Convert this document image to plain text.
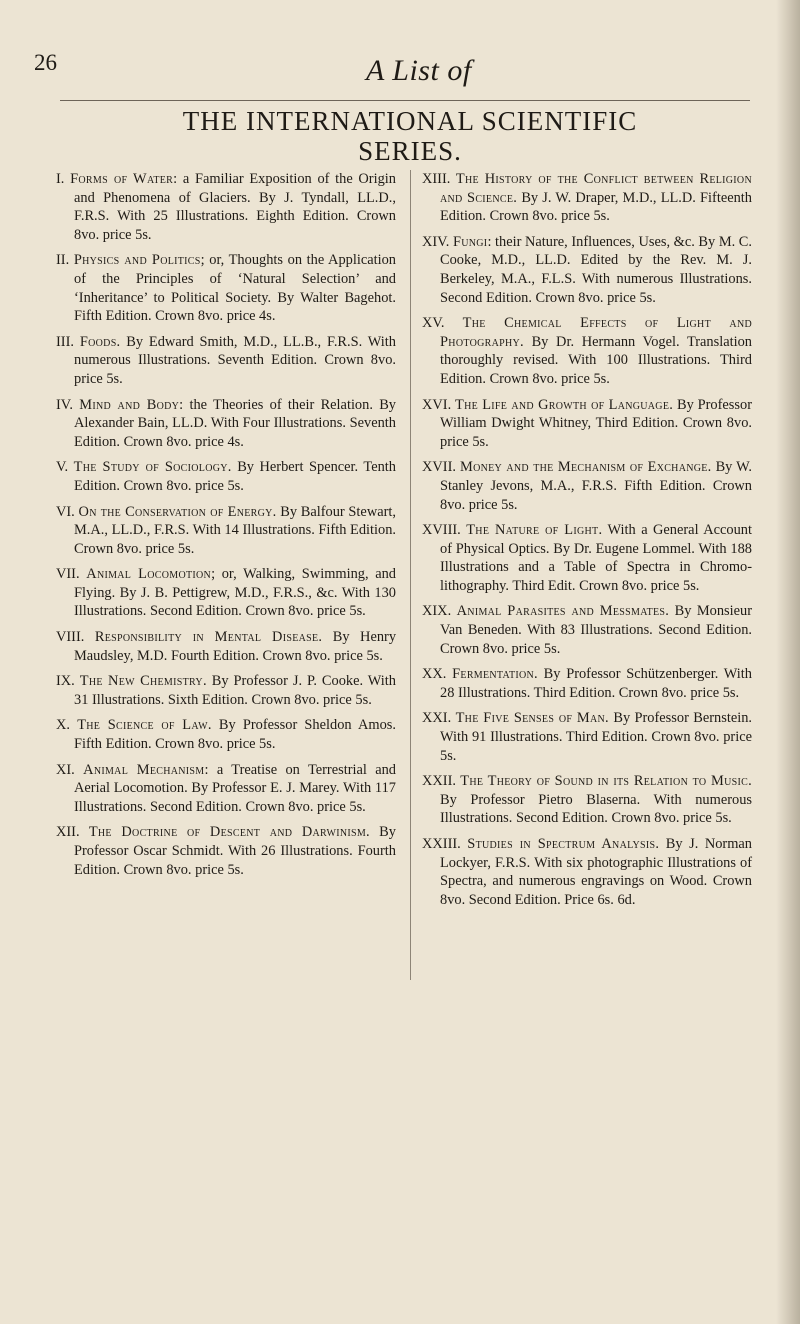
26	A List of
THE INTERNATIONAL SCIENTIFIC
SERIES.

I. Forms of Water: a Familiar Exposition of the Origin and Phenomena of Glaciers. By J. Tyndall, LL.D., F.R.S. With 25 Illustrations. Eighth Edition. Crown 8vo. price 5s.

II. Physics and Politics; or, Thoughts on the Application of the Principles of ‘Natural Selection’ and ‘Inheritance’ to Political Society. By Walter Bagehot. Fifth Edition. Crown 8vo. price 4s.

III. Foods. By Edward Smith, M.D., LL.B., F.R.S. With numerous Illustrations. Seventh Edition. Crown 8vo. price 5s.

IV. Mind and Body: the Theories of their Relation. By Alexander Bain, LL.D. With Four Illustrations. Seventh Edition. Crown 8vo. price 4s.

V. The Study of Sociology. By Herbert Spencer. Tenth Edition. Crown 8vo. price 5s.

VI. On the Conservation of Energy. By Balfour Stewart, M.A., LL.D., F.R.S. With 14 Illustrations. Fifth Edition. Crown 8vo. price 5s.

VII. Animal Locomotion; or, Walking, Swimming, and Flying. By J. B. Pettigrew, M.D., F.R.S., &c. With 130 Illustrations. Second Edition. Crown 8vo. price 5s.

VIII. Responsibility in Mental Disease. By Henry Maudsley, M.D. Fourth Edition. Crown 8vo. price 5s.

IX. The New Chemistry. By Professor J. P. Cooke. With 31 Illustrations. Sixth Edition. Crown 8vo. price 5s.

X. The Science of Law. By Professor Sheldon Amos. Fifth Edition. Crown 8vo. price 5s.

XI. Animal Mechanism: a Treatise on Terrestrial and Aerial Locomotion. By Professor E. J. Marey. With 117 Illustrations. Second Edition. Crown 8vo. price 5s.

XII. The Doctrine of Descent and Darwinism. By Professor Oscar Schmidt. With 26 Illustrations. Fourth Edition. Crown 8vo. price 5s.

XIII. The History of the Conflict between Religion and Science. By J. W. Draper, M.D., LL.D. Fifteenth Edition. Crown 8vo. price 5s.

XIV. Fungi: their Nature, Influences, Uses, &c. By M. C. Cooke, M.D., LL.D. Edited by the Rev. M. J. Berkeley, M.A., F.L.S. With numerous Illustrations. Second Edition. Crown 8vo. price 5s.

XV. The Chemical Effects of Light and Photography. By Dr. Hermann Vogel. Translation thoroughly revised. With 100 Illustrations. Third Edition. Crown 8vo. price 5s.

XVI. The Life and Growth of Language. By Professor William Dwight Whitney, Third Edition. Crown 8vo. price 5s.

XVII. Money and the Mechanism of Exchange. By W. Stanley Jevons, M.A., F.R.S. Fifth Edition. Crown 8vo. price 5s.

XVIII. The Nature of Light. With a General Account of Physical Optics. By Dr. Eugene Lommel. With 188 Illustrations and a Table of Spectra in Chromo-lithography. Third Edit. Crown 8vo. price 5s.

XIX. Animal Parasites and Messmates. By Monsieur Van Beneden. With 83 Illustrations. Second Edition. Crown 8vo. price 5s.

XX. Fermentation. By Professor Schützenberger. With 28 Illustrations. Third Edition. Crown 8vo. price 5s.

XXI. The Five Senses of Man. By Professor Bernstein. With 91 Illustrations. Third Edition. Crown 8vo. price 5s.

XXII. The Theory of Sound in its Relation to Music. By Professor Pietro Blaserna. With numerous Illustrations. Second Edition. Crown 8vo. price 5s.

XXIII. Studies in Spectrum Analysis. By J. Norman Lockyer, F.R.S. With six photographic Illustrations of Spectra, and numerous engravings on Wood. Crown 8vo. Second Edition. Price 6s. 6d.
